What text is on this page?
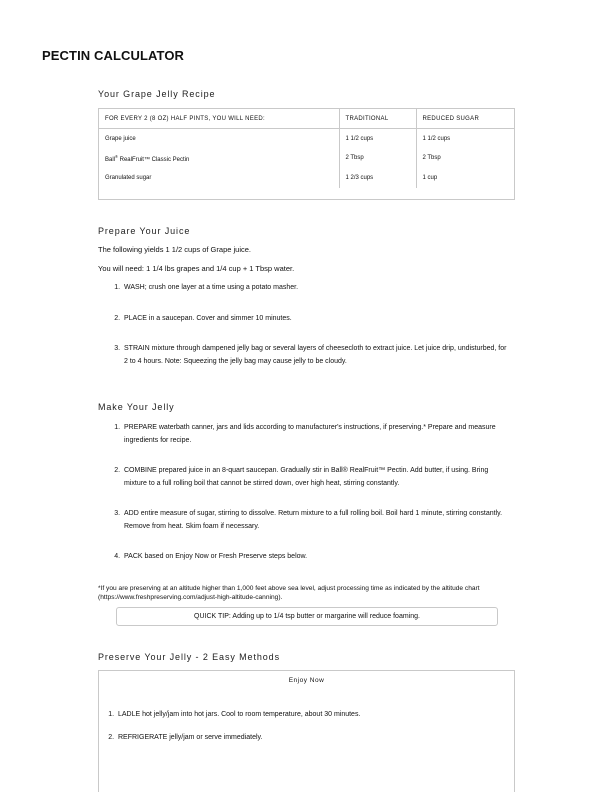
PECTIN CALCULATOR
Your Grape Jelly Recipe
FOR EVERY 2 (8 OZ) HALF PINTS, YOU WILL NEED:	TRADITIONAL	REDUCED SUGAR
Grape juice	1 1/2 cups	1 1/2 cups
Ball® RealFruit™ Classic Pectin	2 Tbsp	2 Tbsp
Granulated sugar	1 2/3 cups	1 cup
Prepare Your Juice
The following yields 1 1/2 cups of Grape juice.
You will need: 1 1/4 lbs grapes and 1/4 cup + 1 Tbsp water.
1. WASH; crush one layer at a time using a potato masher.
2. PLACE in a saucepan. Cover and simmer 10 minutes.
3. STRAIN mixture through dampened jelly bag or several layers of cheesecloth to extract juice. Let juice drip, undisturbed, for 2 to 4 hours. Note: Squeezing the jelly bag may cause jelly to be cloudy.
Make Your Jelly
1. PREPARE waterbath canner, jars and lids according to manufacturer's instructions, if preserving.* Prepare and measure ingredients for recipe.
2. COMBINE prepared juice in an 8-quart saucepan. Gradually stir in Ball® RealFruit™ Pectin. Add butter, if using. Bring mixture to a full rolling boil that cannot be stirred down, over high heat, stirring constantly.
3. ADD entire measure of sugar, stirring to dissolve. Return mixture to a full rolling boil. Boil hard 1 minute, stirring constantly. Remove from heat. Skim foam if necessary.
4. PACK based on Enjoy Now or Fresh Preserve steps below.
*If you are preserving at an altitude higher than 1,000 feet above sea level, adjust processing time as indicated by the altitude chart (https://www.freshpreserving.com/adjust-high-altitude-canning).
QUICK TIP: Adding up to 1/4 tsp butter or margarine will reduce foaming.
Preserve Your Jelly - 2 Easy Methods
Enjoy Now
1. LADLE hot jelly/jam into hot jars. Cool to room temperature, about 30 minutes.
2. REFRIGERATE jelly/jam or serve immediately.
